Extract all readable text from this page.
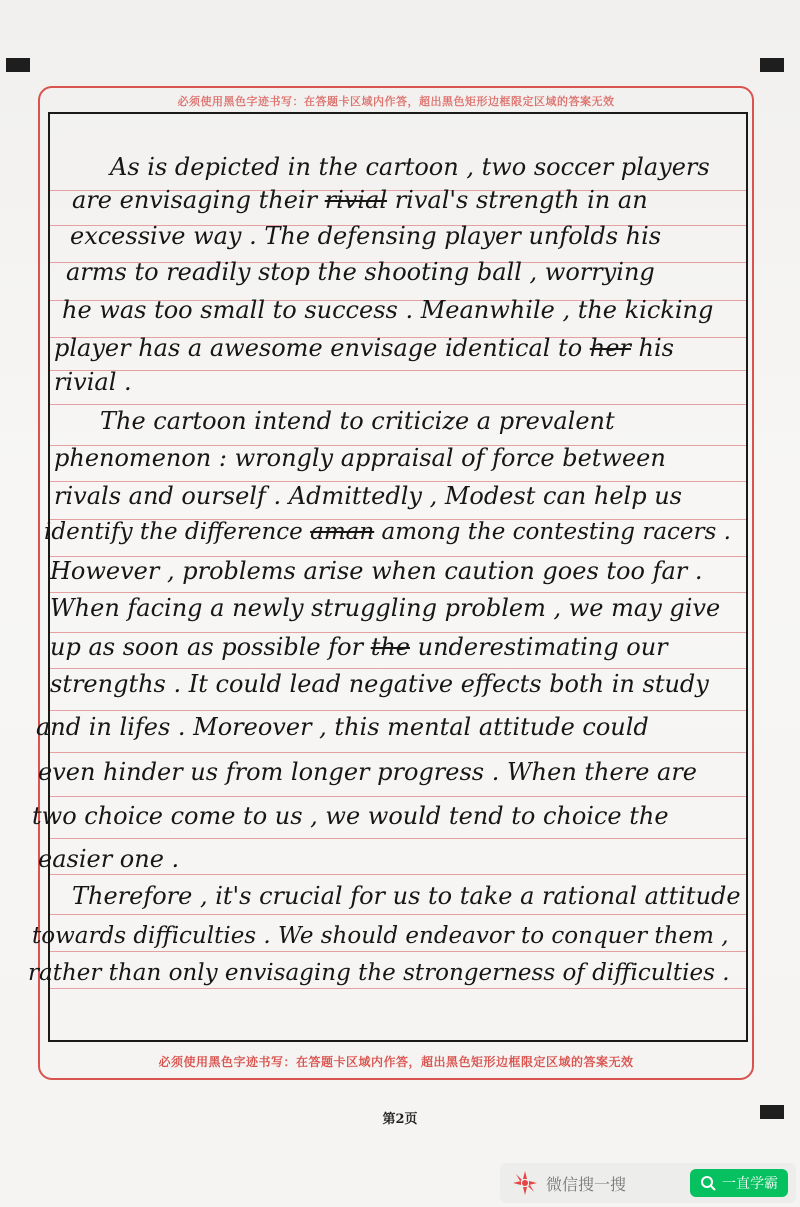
必须使用黑色字迹书写：在答题卡区域内作答，超出黑色矩形边框限定区域的答案无效
As is depicted in the cartoon , two soccer players
are envisaging their rivial rival's strength in an
excessive way . The defensing player unfolds his
arms to readily stop the shooting ball , worrying
he was too small to success . Meanwhile , the kicking
player has a awesome envisage identical to her his
rivial .
The cartoon intend to criticize a prevalent
phenomenon : wrongly appraisal of force between
rivals and ourself . Admittedly , Modest can help us
identify the difference aman among the contesting racers .
However , problems arise when caution goes too far .
When facing a newly struggling problem , we may give
up as soon as possible for the underestimating our
strengths . It could lead negative effects both in study
and in lifes . Moreover , this mental attitude could
even hinder us from longer progress . When there are
two choice come to us , we would tend to choice the
easier one .
Therefore , it's crucial for us to take a rational attitude
towards difficulties . We should endeavor to conquer them ,
rather than only envisaging the strongerness of difficulties .
必须使用黑色字迹书写：在答题卡区域内作答，超出黑色矩形边框限定区域的答案无效
第2页
微信搜一搜	一直学霸
